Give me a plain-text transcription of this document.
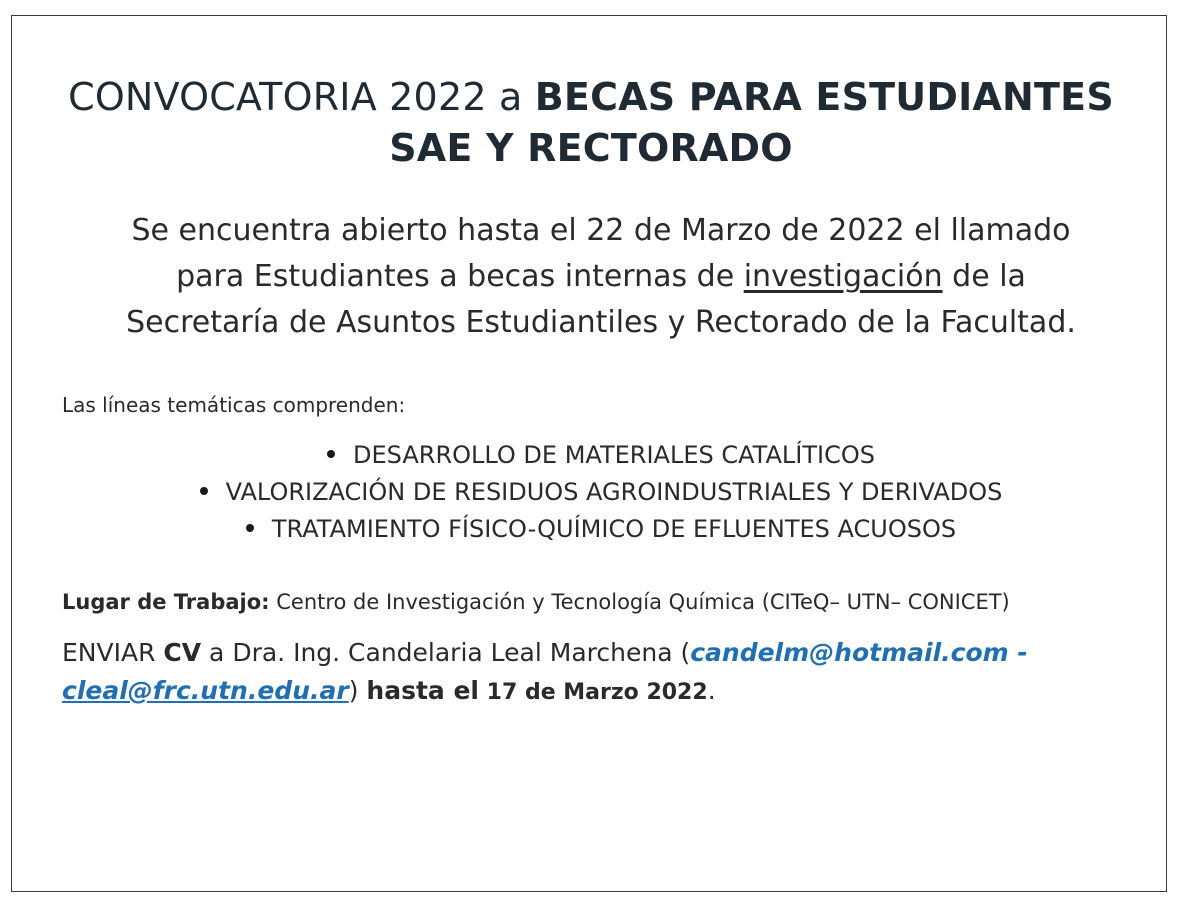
CONVOCATORIA 2022 a BECAS PARA ESTUDIANTES
SAE Y RECTORADO
Se encuentra abierto hasta el 22 de Marzo de 2022 el llamado
para Estudiantes a becas internas de investigación de la
Secretaría de Asuntos Estudiantiles y Rectorado de la Facultad.
Las líneas temáticas comprenden:
DESARROLLO DE MATERIALES CATALÍTICOS
VALORIZACIÓN DE RESIDUOS AGROINDUSTRIALES Y DERIVADOS
TRATAMIENTO FÍSICO-QUÍMICO DE EFLUENTES ACUOSOS
Lugar de Trabajo: Centro de Investigación y Tecnología Química (CITeQ– UTN– CONICET)
ENVIAR CV a Dra. Ing. Candelaria Leal Marchena (candelm@hotmail.com -
cleal@frc.utn.edu.ar) hasta el 17 de Marzo 2022.
